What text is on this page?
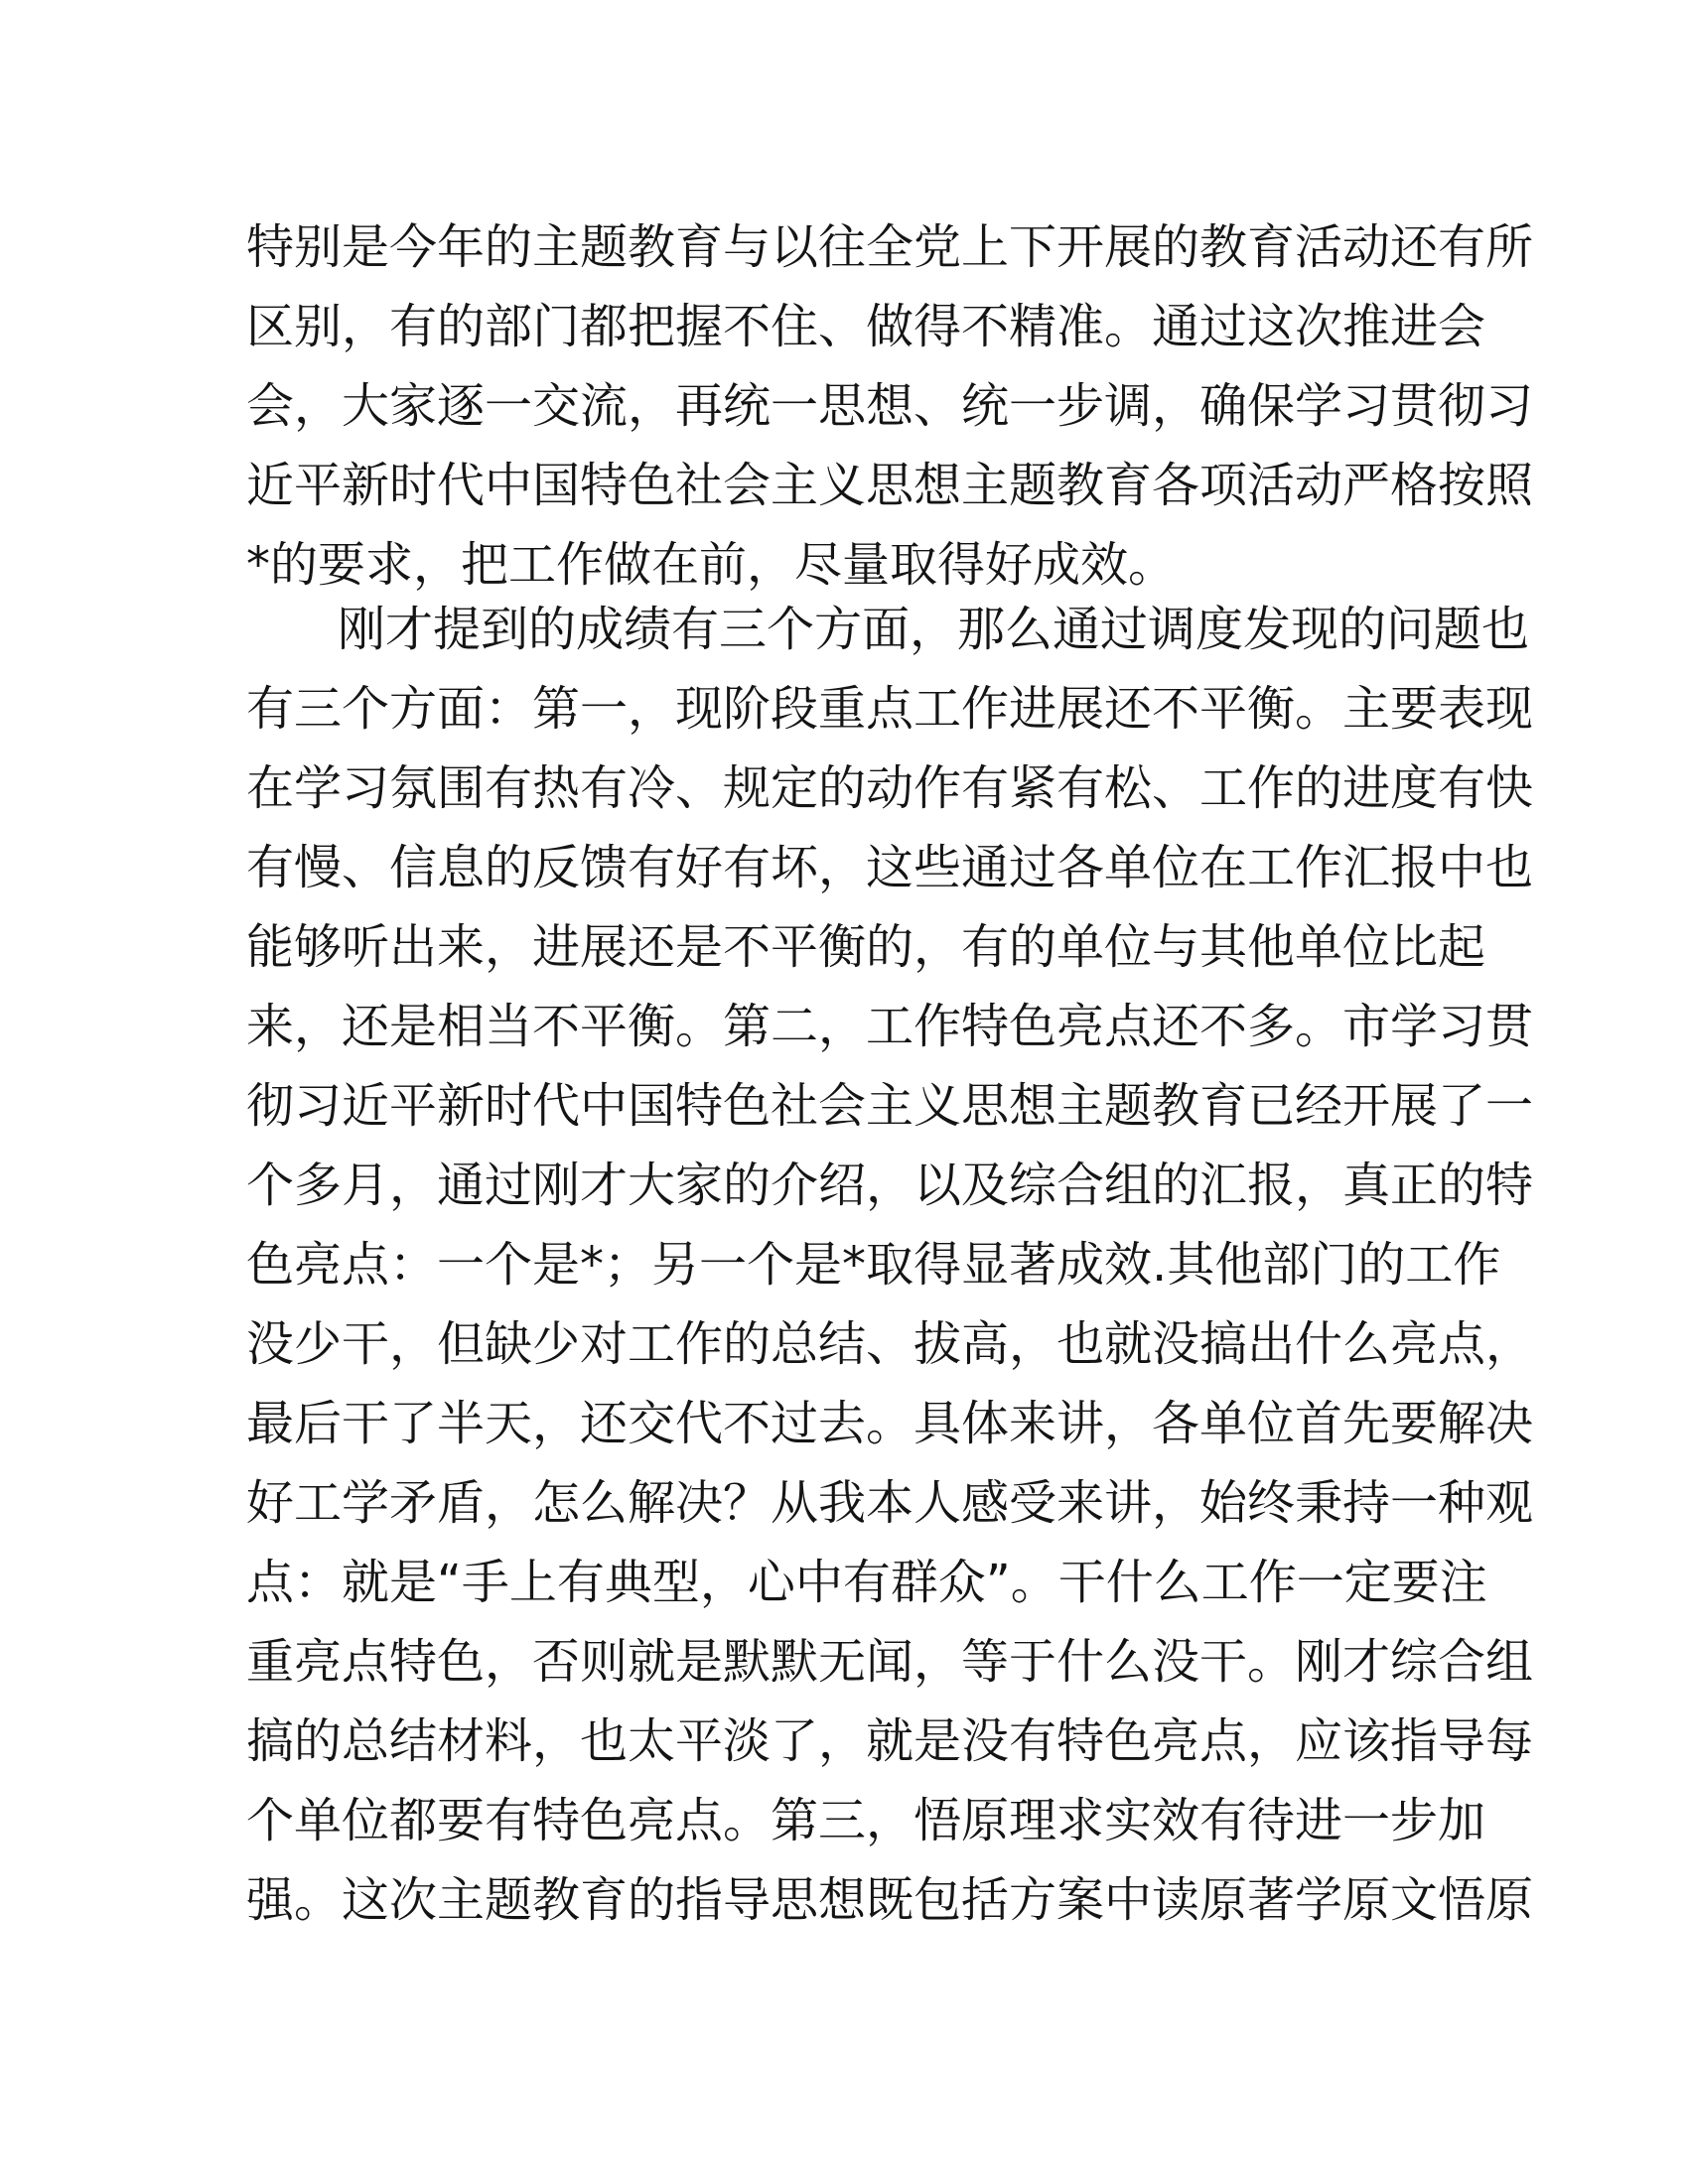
特别是今年的主题教育与以往全党上下开展的教育活动还有所
区别，有的部门都把握不住、做得不精准。通过这次推进会
会，大家逐一交流，再统一思想、统一步调，确保学习贯彻习
近平新时代中国特色社会主义思想主题教育各项活动严格按照
*的要求，把工作做在前，尽量取得好成效。
刚才提到的成绩有三个方面，那么通过调度发现的问题也
有三个方面：第一，现阶段重点工作进展还不平衡。主要表现
在学习氛围有热有冷、规定的动作有紧有松、工作的进度有快
有慢、信息的反馈有好有坏，这些通过各单位在工作汇报中也
能够听出来，进展还是不平衡的，有的单位与其他单位比起
来，还是相当不平衡。第二，工作特色亮点还不多。市学习贯
彻习近平新时代中国特色社会主义思想主题教育已经开展了一
个多月，通过刚才大家的介绍，以及综合组的汇报，真正的特
色亮点：一个是*；另一个是*取得显著成效.其他部门的工作
没少干，但缺少对工作的总结、拔高，也就没搞出什么亮点，
最后干了半天，还交代不过去。具体来讲，各单位首先要解决
好工学矛盾，怎么解决？从我本人感受来讲，始终秉持一种观
点：就是“手上有典型，心中有群众”。干什么工作一定要注
重亮点特色，否则就是默默无闻，等于什么没干。刚才综合组
搞的总结材料，也太平淡了，就是没有特色亮点，应该指导每
个单位都要有特色亮点。第三，悟原理求实效有待进一步加
强。这次主题教育的指导思想既包括方案中读原著学原文悟原
